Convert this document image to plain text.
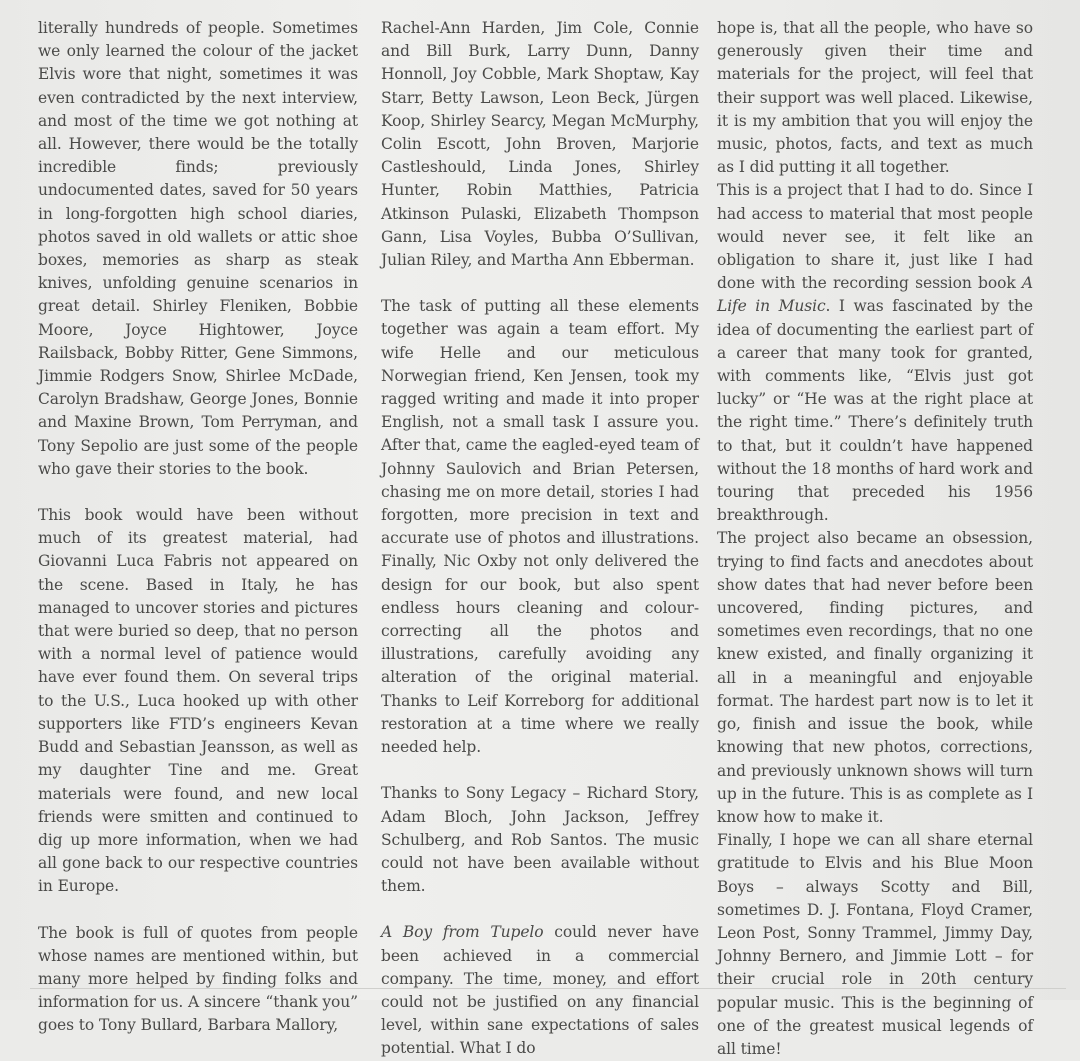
literally hundreds of people. Sometimes we only learned the colour of the jacket Elvis wore that night, sometimes it was even contradicted by the next interview, and most of the time we got nothing at all. However, there would be the totally incredible finds; previously undocumented dates, saved for 50 years in long-forgotten high school diaries, photos saved in old wallets or attic shoe boxes, memories as sharp as steak knives, unfolding genuine scenarios in great detail. Shirley Fleniken, Bobbie Moore, Joyce Hightower, Joyce Railsback, Bobby Ritter, Gene Simmons, Jimmie Rodgers Snow, Shirlee McDade, Carolyn Bradshaw, George Jones, Bonnie and Maxine Brown, Tom Perryman, and Tony Sepolio are just some of the people who gave their stories to the book.

This book would have been without much of its greatest material, had Giovanni Luca Fabris not appeared on the scene. Based in Italy, he has managed to uncover stories and pictures that were buried so deep, that no person with a normal level of patience would have ever found them. On several trips to the U.S., Luca hooked up with other supporters like FTD’s engineers Kevan Budd and Sebastian Jeansson, as well as my daughter Tine and me. Great materials were found, and new local friends were smitten and continued to dig up more information, when we had all gone back to our respective countries in Europe.

The book is full of quotes from people whose names are mentioned within, but many more helped by finding folks and information for us. A sincere “thank you” goes to Tony Bullard, Barbara Mallory,

Rachel-Ann Harden, Jim Cole, Connie and Bill Burk, Larry Dunn, Danny Honnoll, Joy Cobble, Mark Shoptaw, Kay Starr, Betty Lawson, Leon Beck, Jürgen Koop, Shirley Searcy, Megan McMurphy, Colin Escott, John Broven, Marjorie Castleshould, Linda Jones, Shirley Hunter, Robin Matthies, Patricia Atkinson Pulaski, Elizabeth Thompson Gann, Lisa Voyles, Bubba O’Sullivan, Julian Riley, and Martha Ann Ebberman.

The task of putting all these elements together was again a team effort. My wife Helle and our meticulous Norwegian friend, Ken Jensen, took my ragged writing and made it into proper English, not a small task I assure you. After that, came the eagled-eyed team of Johnny Saulovich and Brian Petersen, chasing me on more detail, stories I had forgotten, more precision in text and accurate use of photos and illustrations. Finally, Nic Oxby not only delivered the design for our book, but also spent endless hours cleaning and colour-correcting all the photos and illustrations, carefully avoiding any alteration of the original material. Thanks to Leif Korreborg for additional restoration at a time where we really needed help.

Thanks to Sony Legacy – Richard Story, Adam Bloch, John Jackson, Jeffrey Schulberg, and Rob Santos. The music could not have been available without them.

A Boy from Tupelo could never have been achieved in a commercial company. The time, money, and effort could not be justified on any financial level, within sane expectations of sales potential. What I do

hope is, that all the people, who have so generously given their time and materials for the project, will feel that their support was well placed. Likewise, it is my ambition that you will enjoy the music, photos, facts, and text as much as I did putting it all together.

This is a project that I had to do. Since I had access to material that most people would never see, it felt like an obligation to share it, just like I had done with the recording session book A Life in Music. I was fascinated by the idea of documenting the earliest part of a career that many took for granted, with comments like, “Elvis just got lucky” or “He was at the right place at the right time.” There’s definitely truth to that, but it couldn’t have happened without the 18 months of hard work and touring that preceded his 1956 breakthrough.

The project also became an obsession, trying to find facts and anecdotes about show dates that had never before been uncovered, finding pictures, and sometimes even recordings, that no one knew existed, and finally organizing it all in a meaningful and enjoyable format. The hardest part now is to let it go, finish and issue the book, while knowing that new photos, corrections, and previously unknown shows will turn up in the future. This is as complete as I know how to make it.

Finally, I hope we can all share eternal gratitude to Elvis and his Blue Moon Boys – always Scotty and Bill, sometimes D. J. Fontana, Floyd Cramer, Leon Post, Sonny Trammel, Jimmy Day, Johnny Bernero, and Jimmie Lott – for their crucial role in 20th century popular music. This is the beginning of one of the greatest musical legends of all time!
